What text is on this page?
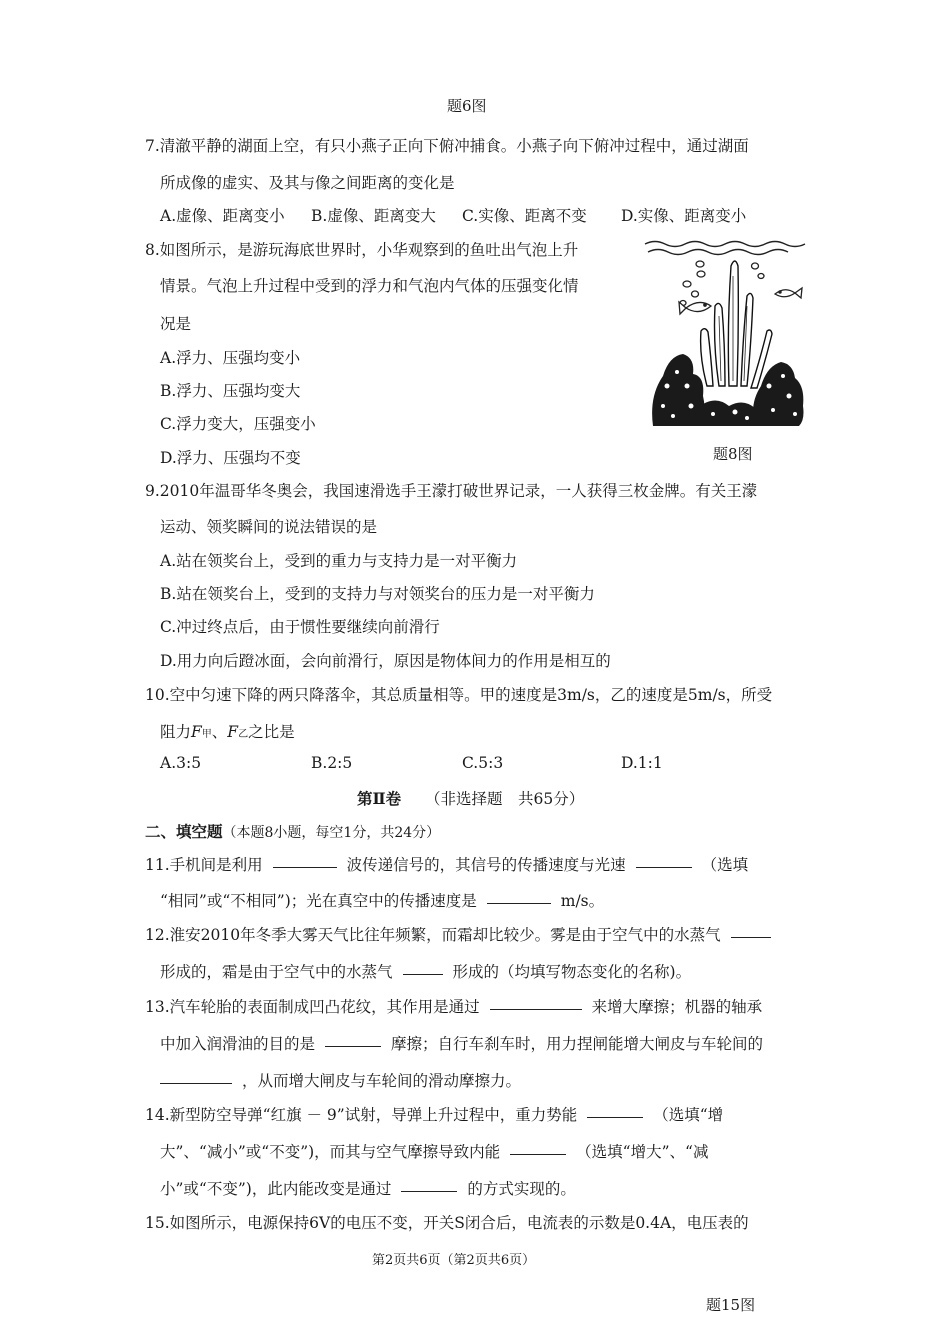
题6图
7.清澈平静的湖面上空，有只小燕子正向下俯冲捕食。小燕子向下俯冲过程中，通过湖面
所成像的虚实、及其与像之间距离的变化是
A.虚像、距离变小 B.虚像、距离变大 C.实像、距离不变 D.实像、距离变小
8.如图所示，是游玩海底世界时，小华观察到的鱼吐出气泡上升
情景。气泡上升过程中受到的浮力和气泡内气体的压强变化情
况是
A.浮力、压强均变小
B.浮力、压强均变大
C.浮力变大，压强变小
D.浮力、压强均不变	题8图
9.2010年温哥华冬奥会，我国速滑选手王濛打破世界记录，一人获得三枚金牌。有关王濛
运动、领奖瞬间的说法错误的是
A.站在领奖台上，受到的重力与支持力是一对平衡力
B.站在领奖台上，受到的支持力与对领奖台的压力是一对平衡力
C.冲过终点后，由于惯性要继续向前滑行
D.用力向后蹬冰面，会向前滑行，原因是物体间力的作用是相互的
10.空中匀速下降的两只降落伞，其总质量相等。甲的速度是3m/s，乙的速度是5m/s，所受
阻力F甲、F乙之比是
A.3:5	B.2:5	C.5:3	D.1:1
第Ⅱ卷 （非选择题　共65分）
二、填空题（本题8小题，每空1分，共24分）
11.手机间是利用	波传递信号的，其信号的传播速度与光速	（选填
“相同”或“不相同”)；光在真空中的传播速度是	m/s。
12.淮安2010年冬季大雾天气比往年频繁，而霜却比较少。雾是由于空气中的水蒸气
形成的，霜是由于空气中的水蒸气	形成的（均填写物态变化的名称)。
13.汽车轮胎的表面制成凹凸花纹，其作用是通过	来增大摩擦；机器的轴承
中加入润滑油的目的是	摩擦；自行车刹车时，用力捏闸能增大闸皮与车轮间的
，从而增大闸皮与车轮间的滑动摩擦力。
14.新型防空导弹“红旗 － 9”试射，导弹上升过程中，重力势能	（选填“增
大”、“减小”或“不变”)，而其与空气摩擦导致内能	（选填“增大”、“减
小”或“不变”)，此内能改变是通过	的方式实现的。
15.如图所示，电源保持6V的电压不变，开关S闭合后，电流表的示数是0.4A，电压表的
第2页共6页（第2页共6页）
题15图
